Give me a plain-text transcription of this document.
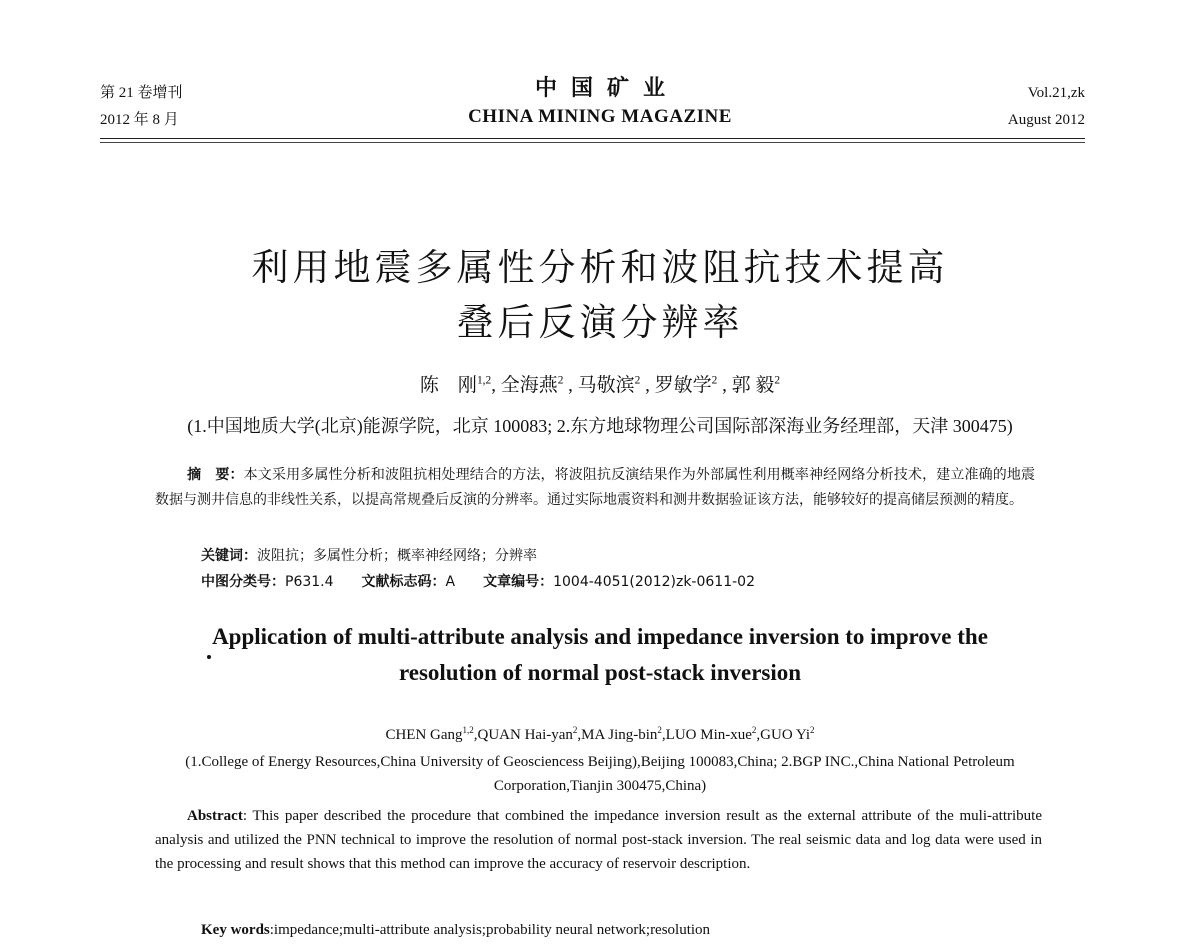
第 21 卷增刊
2012 年 8 月
中国矿业
CHINA MINING MAGAZINE
Vol.21,zk
August 2012
利用地震多属性分析和波阻抗技术提高
叠后反演分辨率
陈　刚$^{1,2}$, 全海燕$^2$ , 马敬滨$^2$ , 罗敏学$^2$ , 郭 毅$^2$
(1.中国地质大学(北京)能源学院，北京 100083; 2.东方地球物理公司国际部深海业务经理部，天津 300475)
摘　要：本文采用多属性分析和波阻抗相处理结合的方法，将波阻抗反演结果作为外部属性利用概率神经网络分析技术，建立准确的地震数据与测井信息的非线性关系，以提高常规叠后反演的分辨率。通过实际地震资料和测井数据验证该方法，能够较好的提高储层预测的精度。
关键词：波阻抗；多属性分析；概率神经网络；分辨率
中图分类号：P631.4 文献标志码：A 文章编号：1004-4051(2012)zk-0611-02
Application of multi-attribute analysis and impedance inversion to improve the
resolution of normal post-stack inversion
CHEN Gang$^{1,2}$,QUAN Hai-yan$^2$,MA Jing-bin$^2$,LUO Min-xue$^2$,GUO Yi$^2$
(1.College of Energy Resources,China University of Geosciencess Beijing),Beijing 100083,China; 2.BGP INC.,China National Petroleum Corporation,Tianjin 300475,China)
Abstract: This paper described the procedure that combined the impedance inversion result as the external attribute of the muli-attribute analysis and utilized the PNN technical to improve the resolution of normal post-stack inversion. The real seismic data and log data were used in the processing and result shows that this method can improve the accuracy of reservoir description.
Key words:impedance;multi-attribute analysis;probability neural network;resolution
